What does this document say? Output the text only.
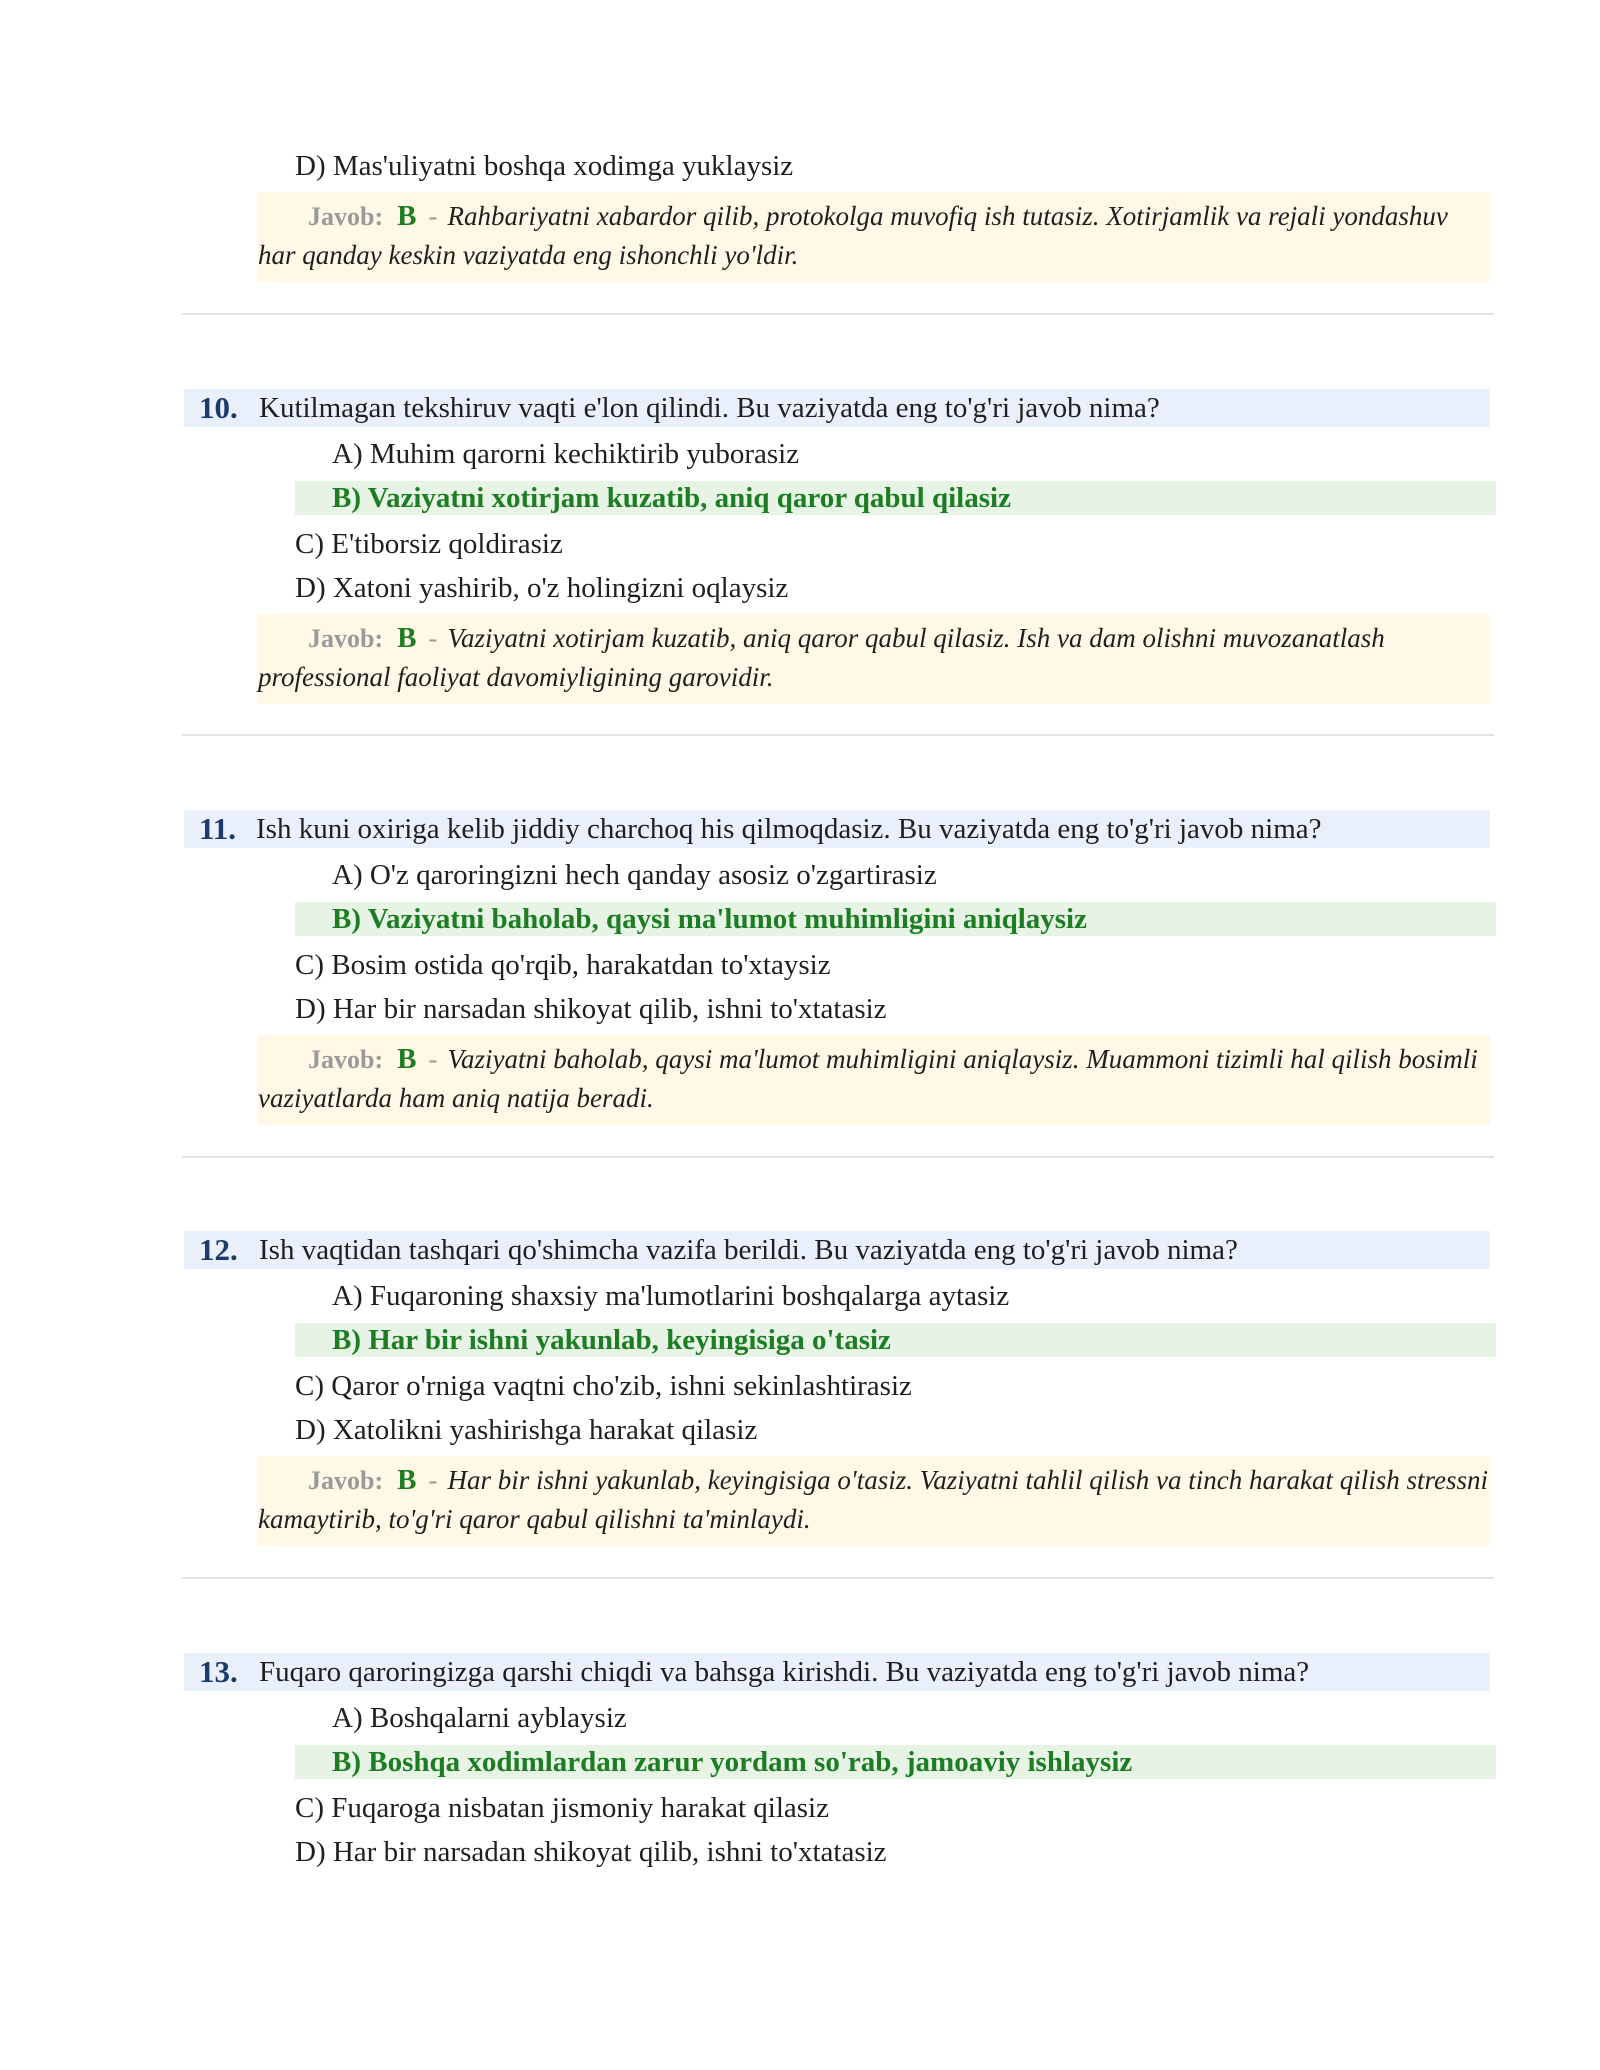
D) Mas'uliyatni boshqa xodimga yuklaysiz
Javob: B - Rahbariyatni xabardor qilib, protokolga muvofiq ish tutasiz. Xotirjamlik va rejali yondashuv har qanday keskin vaziyatda eng ishonchli yo'ldir.
10. Kutilmagan tekshiruv vaqti e'lon qilindi. Bu vaziyatda eng to'g'ri javob nima?
A) Muhim qarorni kechiktirib yuborasiz
B) Vaziyatni xotirjam kuzatib, aniq qaror qabul qilasiz
C) E'tiborsiz qoldirasiz
D) Xatoni yashirib, o'z holingizni oqlaysiz
Javob: B - Vaziyatni xotirjam kuzatib, aniq qaror qabul qilasiz. Ish va dam olishni muvozanatlash professional faoliyat davomiyligining garovidir.
11. Ish kuni oxiriga kelib jiddiy charchoq his qilmoqdasiz. Bu vaziyatda eng to'g'ri javob nima?
A) O'z qaroringizni hech qanday asosiz o'zgartirasiz
B) Vaziyatni baholab, qaysi ma'lumot muhimligini aniqlaysiz
C) Bosim ostida qo'rqib, harakatdan to'xtaysiz
D) Har bir narsadan shikoyat qilib, ishni to'xtatasiz
Javob: B - Vaziyatni baholab, qaysi ma'lumot muhimligini aniqlaysiz. Muammoni tizimli hal qilish bosimli vaziyatlarda ham aniq natija beradi.
12. Ish vaqtidan tashqari qo'shimcha vazifa berildi. Bu vaziyatda eng to'g'ri javob nima?
A) Fuqaroning shaxsiy ma'lumotlarini boshqalarga aytasiz
B) Har bir ishni yakunlab, keyingisiga o'tasiz
C) Qaror o'rniga vaqtni cho'zib, ishni sekinlashtirasiz
D) Xatolikni yashirishga harakat qilasiz
Javob: B - Har bir ishni yakunlab, keyingisiga o'tasiz. Vaziyatni tahlil qilish va tinch harakat qilish stressni kamaytirib, to'g'ri qaror qabul qilishni ta'minlaydi.
13. Fuqaro qaroringizga qarshi chiqdi va bahsga kirishdi. Bu vaziyatda eng to'g'ri javob nima?
A) Boshqalarni ayblaysiz
B) Boshqa xodimlardan zarur yordam so'rab, jamoaviy ishlaysiz
C) Fuqaroga nisbatan jismoniy harakat qilasiz
D) Har bir narsadan shikoyat qilib, ishni to'xtatasiz
